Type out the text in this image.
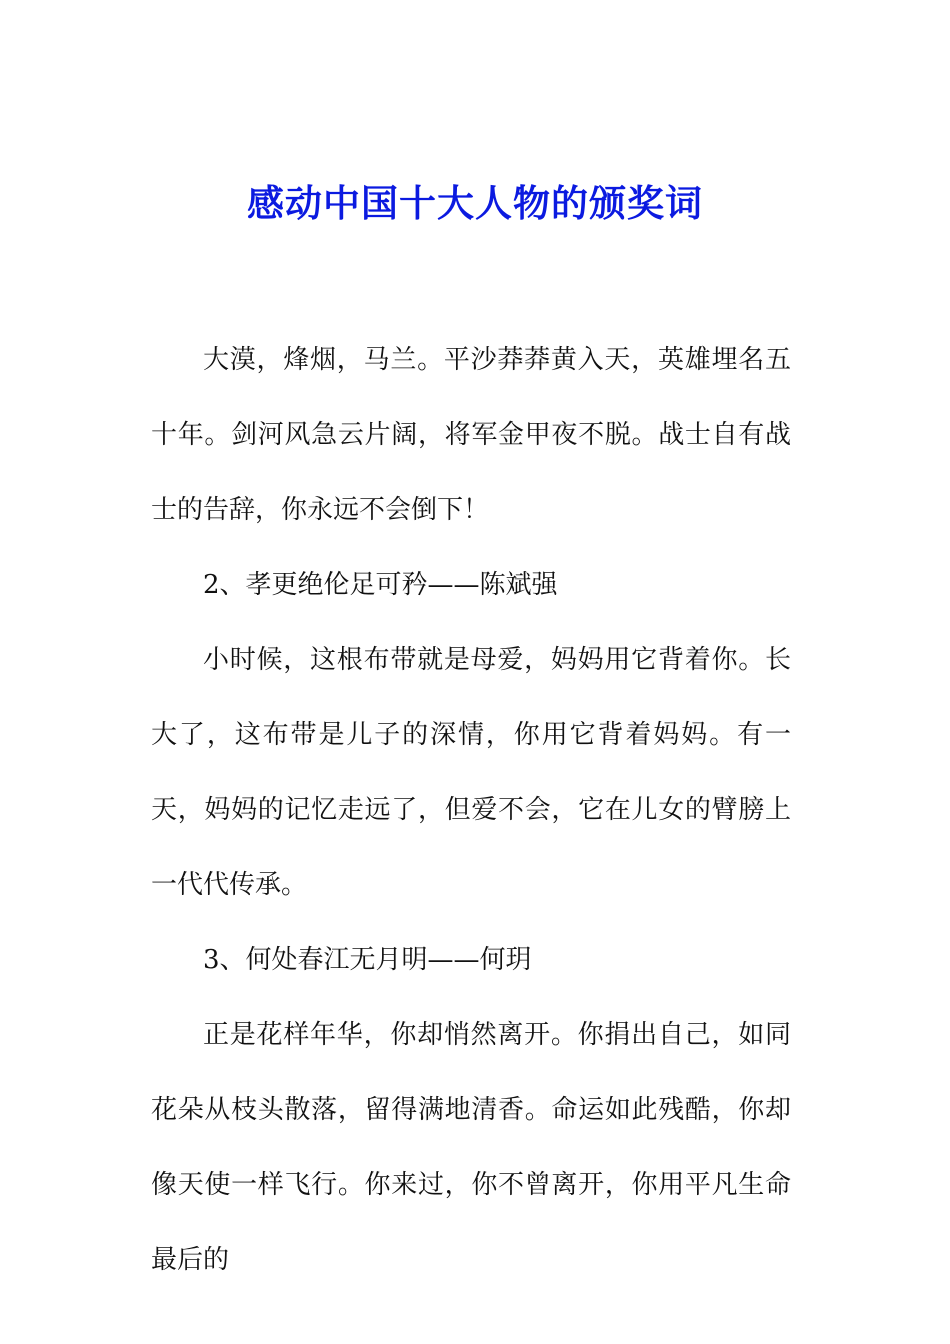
感动中国十大人物的颁奖词

大漠，烽烟，马兰。平沙莽莽黄入天，英雄埋名五十年。剑河风急云片阔，将军金甲夜不脱。战士自有战士的告辞，你永远不会倒下！

2、孝更绝伦足可矜——陈斌强

小时候，这根布带就是母爱，妈妈用它背着你。长大了，这布带是儿子的深情，你用它背着妈妈。有一天，妈妈的记忆走远了，但爱不会，它在儿女的臂膀上一代代传承。

3、何处春江无月明——何玥

正是花样年华，你却悄然离开。你捐出自己，如同花朵从枝头散落，留得满地清香。命运如此残酷，你却像天使一样飞行。你来过，你不曾离开，你用平凡生命最后的
